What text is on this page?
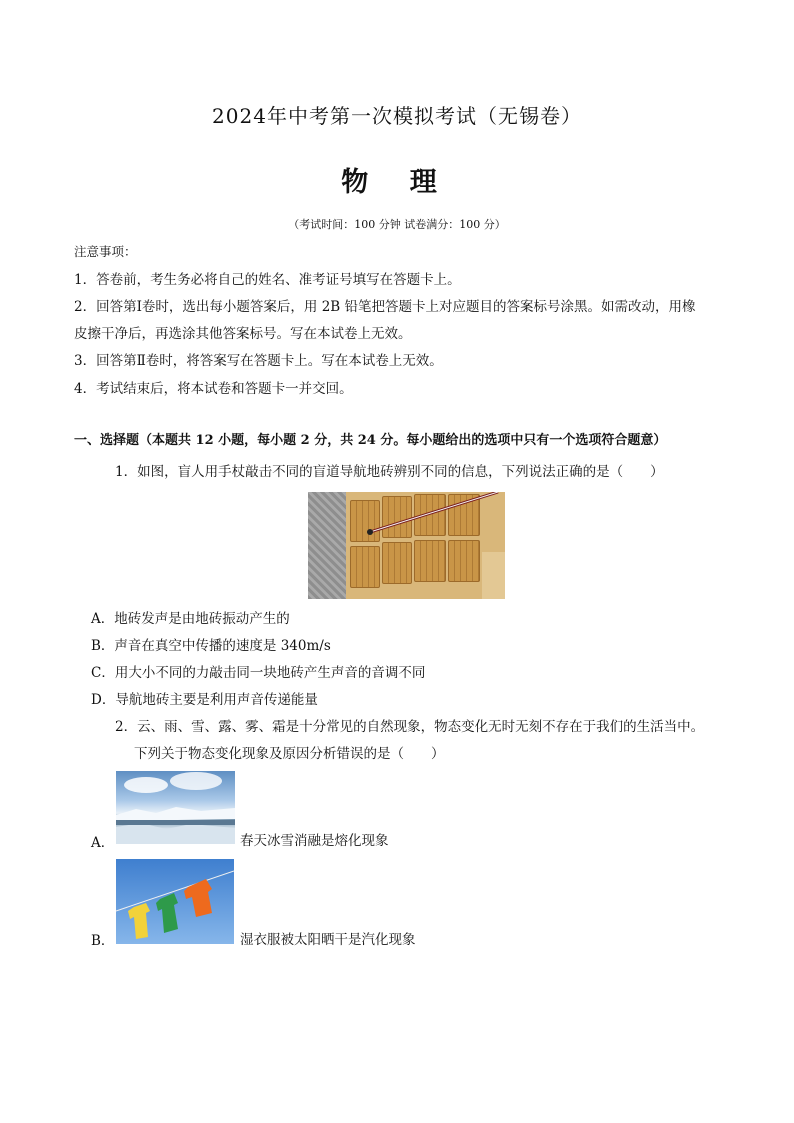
2024年中考第一次模拟考试（无锡卷）
物 理
（考试时间：100 分钟 试卷满分：100 分）
注意事项：
1．答卷前，考生务必将自己的姓名、准考证号填写在答题卡上。
2．回答第Ⅰ卷时，选出每小题答案后，用 2B 铅笔把答题卡上对应题目的答案标号涂黑。如需改动，用橡
皮擦干净后，再选涂其他答案标号。写在本试卷上无效。
3．回答第Ⅱ卷时，将答案写在答题卡上。写在本试卷上无效。
4．考试结束后，将本试卷和答题卡一并交回。
一、选择题（本题共 12 小题，每小题 2 分，共 24 分。每小题给出的选项中只有一个选项符合题意）
1．如图，盲人用手杖敲击不同的盲道导航地砖辨别不同的信息，下列说法正确的是（　　）
A．地砖发声是由地砖振动产生的
B．声音在真空中传播的速度是 340m/s
C．用大小不同的力敲击同一块地砖产生声音的音调不同
D．导航地砖主要是利用声音传递能量
2．云、雨、雪、露、雾、霜是十分常见的自然现象，物态变化无时无刻不存在于我们的生活当中。
下列关于物态变化现象及原因分析错误的是（　　）
A．	春天冰雪消融是熔化现象
B．	湿衣服被太阳晒干是汽化现象
